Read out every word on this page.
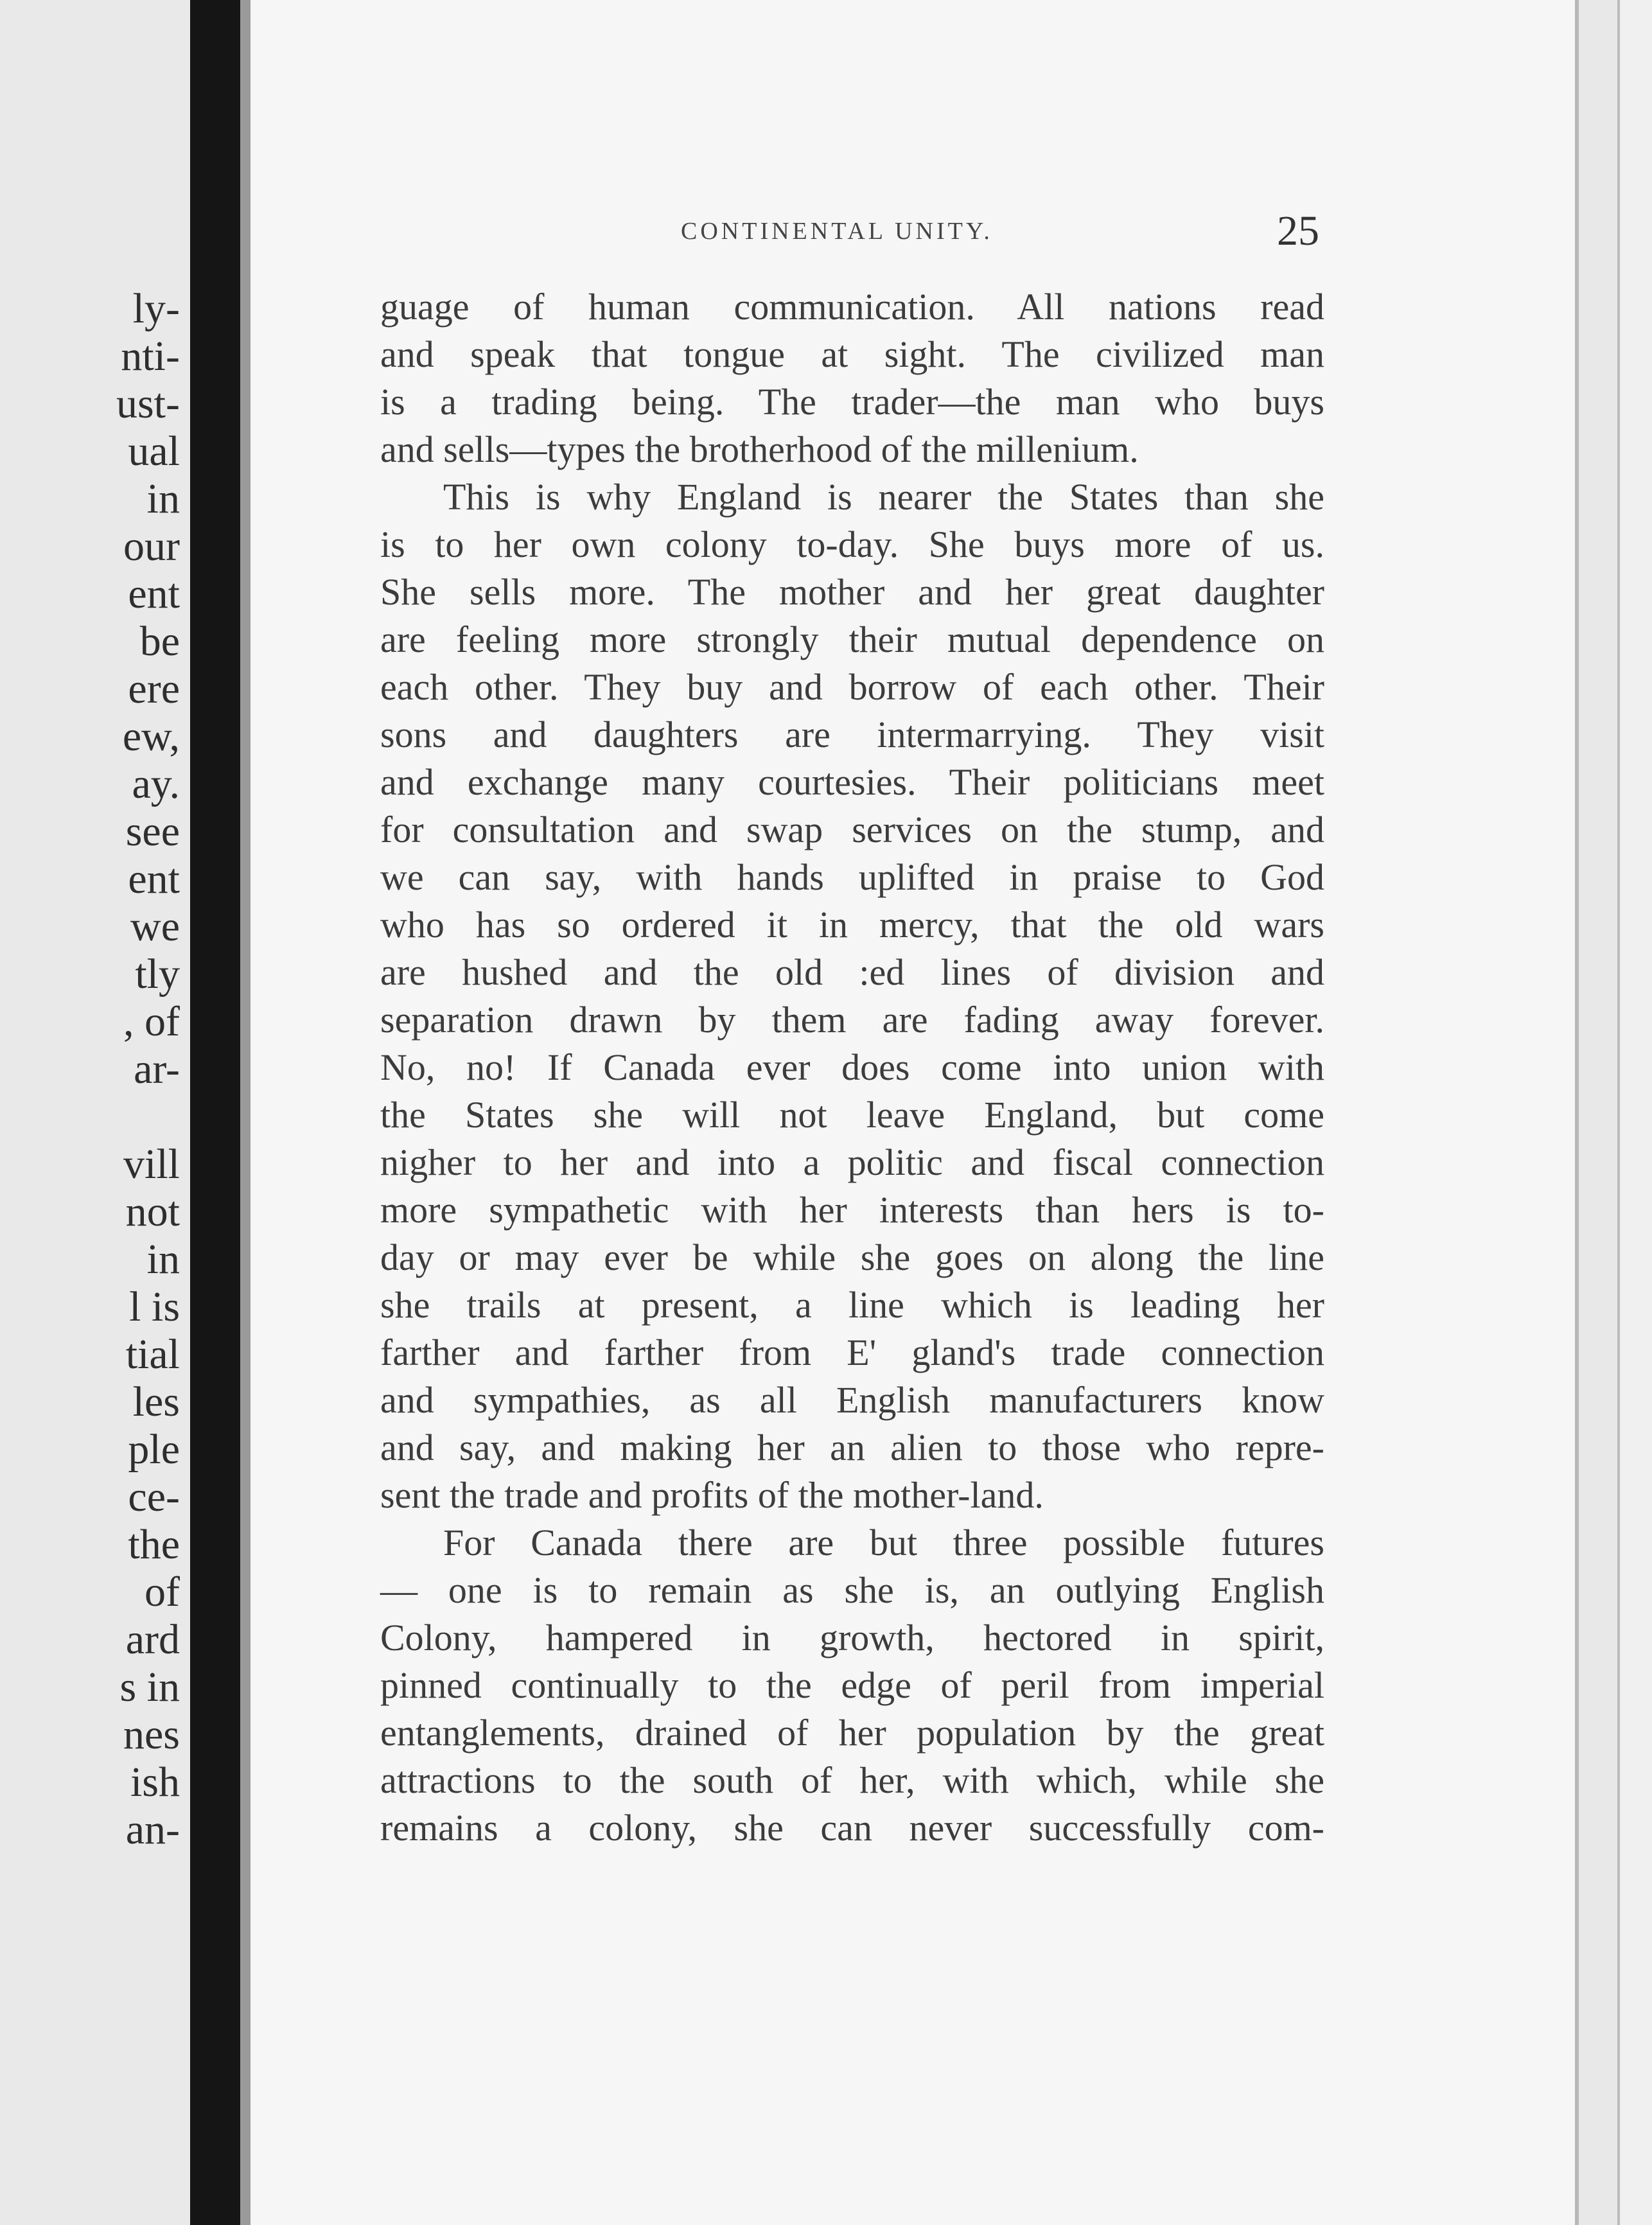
ly-
nti-
ust-
ual
in
our
ent
be
ere
ew,
ay.
see
ent
we
tly
, of
ar-
vill
not
in
l is
tial
les
ple
ce-
the
of
ard
s in
nes
ish
an-
CONTINENTAL UNITY.	25
guage of human communication. All nations read
and speak that tongue at sight. The civilized man
is a trading being. The trader—the man who buys
and sells—types the brotherhood of the millenium.
This is why England is nearer the States than she
is to her own colony to-day. She buys more of us.
She sells more. The mother and her great daughter
are feeling more strongly their mutual dependence on
each other. They buy and borrow of each other. Their
sons and daughters are intermarrying. They visit
and exchange many courtesies. Their politicians meet
for consultation and swap services on the stump, and
we can say, with hands uplifted in praise to God
who has so ordered it in mercy, that the old wars
are hushed and the old :ed lines of division and
separation drawn by them are fading away forever.
No, no! If Canada ever does come into union with
the States she will not leave England, but come
nigher to her and into a politic and fiscal connection
more sympathetic with her interests than hers is to-
day or may ever be while she goes on along the line
she trails at present, a line which is leading her
farther and farther from E' gland's trade connection
and sympathies, as all English manufacturers know
and say, and making her an alien to those who repre-
sent the trade and profits of the mother-land.
For Canada there are but three possible futures
— one is to remain as she is, an outlying English
Colony, hampered in growth, hectored in spirit,
pinned continually to the edge of peril from imperial
entanglements, drained of her population by the great
attractions to the south of her, with which, while she
remains a colony, she can never successfully com-
